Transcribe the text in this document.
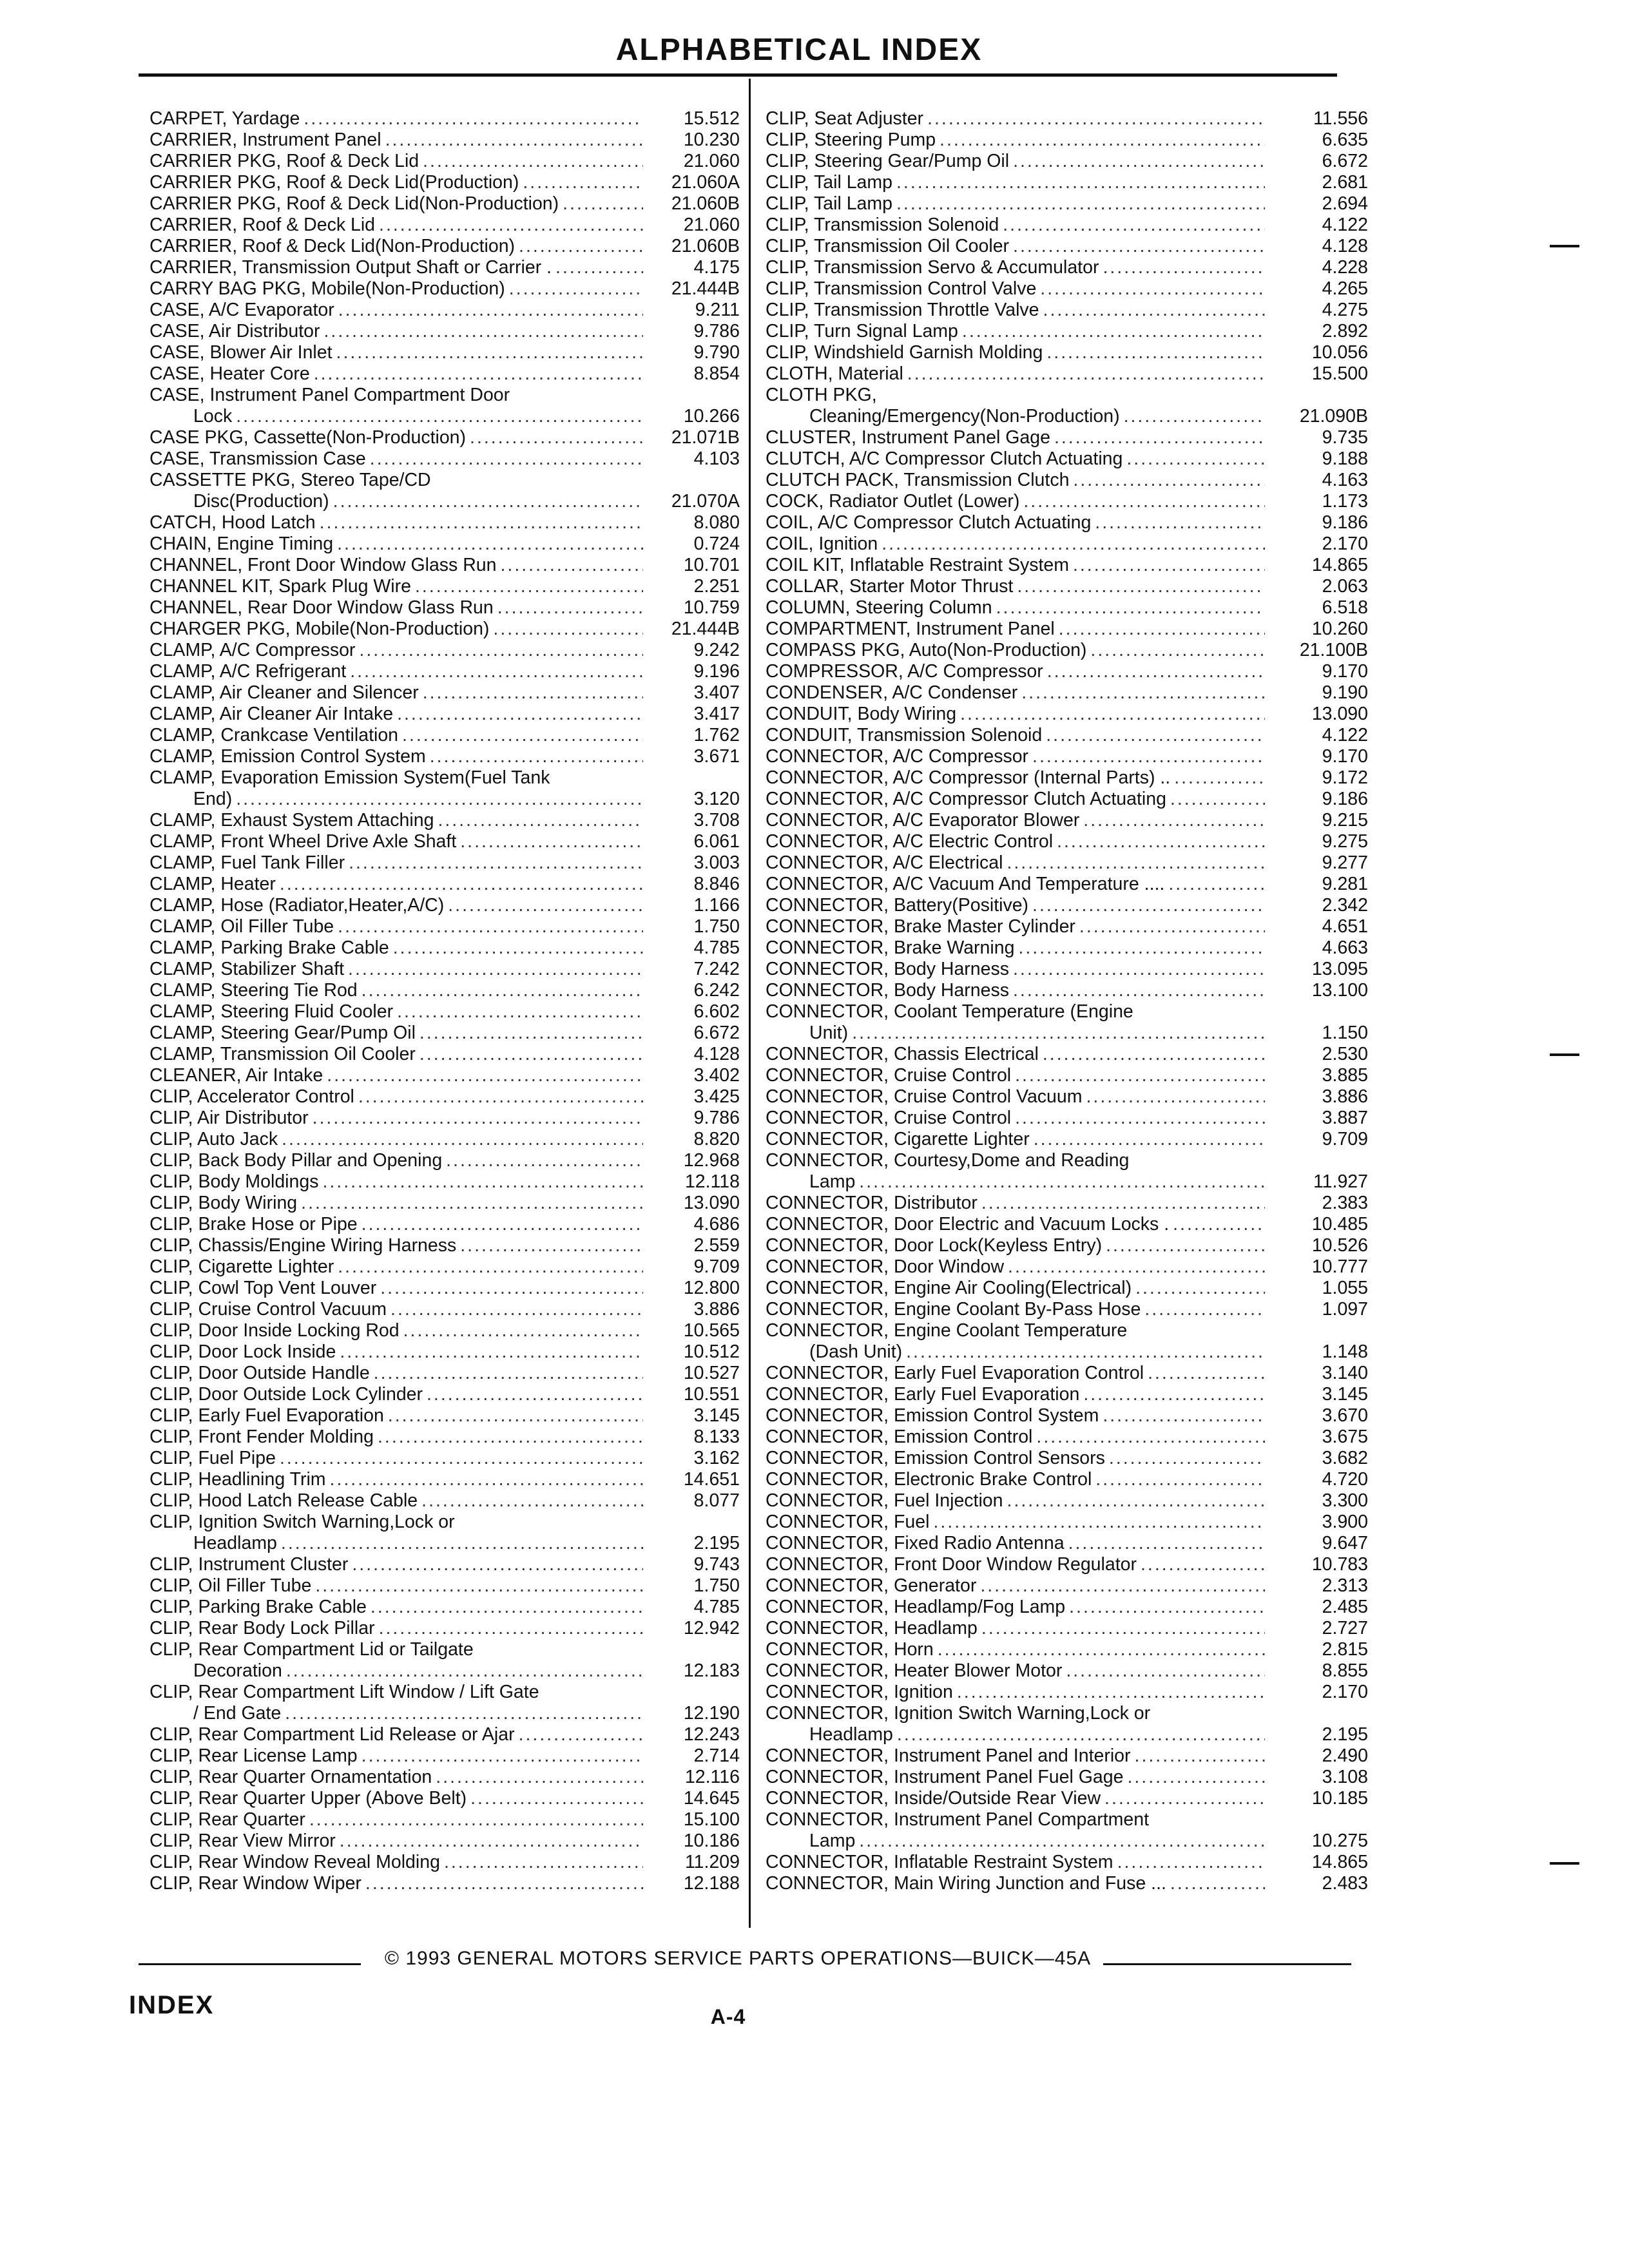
ALPHABETICAL INDEX
CARPET, Yardage .....	15.512
CARRIER, Instrument Panel .....	10.230
CARRIER PKG, Roof & Deck Lid .....	21.060
CARRIER PKG, Roof & Deck Lid(Production) .....	21.060A
CARRIER PKG, Roof & Deck Lid(Non-Production) .....	21.060B
CARRIER, Roof & Deck Lid .....	21.060
CARRIER, Roof & Deck Lid(Non-Production) .....	21.060B
CARRIER, Transmission Output Shaft or Carrier . .....	4.175
CARRY BAG PKG, Mobile(Non-Production) .....	21.444B
CASE, A/C Evaporator .....	9.211
CASE, Air Distributor .....	9.786
CASE, Blower Air Inlet .....	9.790
CASE, Heater Core .....	8.854
CASE, Instrument Panel Compartment Door
Lock .....	10.266
CASE PKG, Cassette(Non-Production) .....	21.071B
CASE, Transmission Case .....	4.103
CASSETTE PKG, Stereo Tape/CD
Disc(Production) .....	21.070A
CATCH, Hood Latch .....	8.080
CHAIN, Engine Timing .....	0.724
CHANNEL, Front Door Window Glass Run .....	10.701
CHANNEL KIT, Spark Plug Wire .....	2.251
CHANNEL, Rear Door Window Glass Run .....	10.759
CHARGER PKG, Mobile(Non-Production) .....	21.444B
CLAMP, A/C Compressor .....	9.242
CLAMP, A/C Refrigerant .....	9.196
CLAMP, Air Cleaner and Silencer .....	3.407
CLAMP, Air Cleaner Air Intake .....	3.417
CLAMP, Crankcase Ventilation .....	1.762
CLAMP, Emission Control System .....	3.671
CLAMP, Evaporation Emission System(Fuel Tank
End) .....	3.120
CLAMP, Exhaust System Attaching .....	3.708
CLAMP, Front Wheel Drive Axle Shaft .....	6.061
CLAMP, Fuel Tank Filler .....	3.003
CLAMP, Heater .....	8.846
CLAMP, Hose (Radiator,Heater,A/C) .....	1.166
CLAMP, Oil Filler Tube .....	1.750
CLAMP, Parking Brake Cable .....	4.785
CLAMP, Stabilizer Shaft .....	7.242
CLAMP, Steering Tie Rod .....	6.242
CLAMP, Steering Fluid Cooler .....	6.602
CLAMP, Steering Gear/Pump Oil .....	6.672
CLAMP, Transmission Oil Cooler .....	4.128
CLEANER, Air Intake .....	3.402
CLIP, Accelerator Control .....	3.425
CLIP, Air Distributor .....	9.786
CLIP, Auto Jack .....	8.820
CLIP, Back Body Pillar and Opening .....	12.968
CLIP, Body Moldings .....	12.118
CLIP, Body Wiring .....	13.090
CLIP, Brake Hose or Pipe .....	4.686
CLIP, Chassis/Engine Wiring Harness .....	2.559
CLIP, Cigarette Lighter .....	9.709
CLIP, Cowl Top Vent Louver .....	12.800
CLIP, Cruise Control Vacuum .....	3.886
CLIP, Door Inside Locking Rod .....	10.565
CLIP, Door Lock Inside .....	10.512
CLIP, Door Outside Handle .....	10.527
CLIP, Door Outside Lock Cylinder .....	10.551
CLIP, Early Fuel Evaporation .....	3.145
CLIP, Front Fender Molding .....	8.133
CLIP, Fuel Pipe .....	3.162
CLIP, Headlining Trim .....	14.651
CLIP, Hood Latch Release Cable .....	8.077
CLIP, Ignition Switch Warning,Lock or
Headlamp .....	2.195
CLIP, Instrument Cluster .....	9.743
CLIP, Oil Filler Tube .....	1.750
CLIP, Parking Brake Cable .....	4.785
CLIP, Rear Body Lock Pillar .....	12.942
CLIP, Rear Compartment Lid or Tailgate
Decoration .....	12.183
CLIP, Rear Compartment Lift Window / Lift Gate
/ End Gate .....	12.190
CLIP, Rear Compartment Lid Release or Ajar .....	12.243
CLIP, Rear License Lamp .....	2.714
CLIP, Rear Quarter Ornamentation .....	12.116
CLIP, Rear Quarter Upper (Above Belt) .....	14.645
CLIP, Rear Quarter .....	15.100
CLIP, Rear View Mirror .....	10.186
CLIP, Rear Window Reveal Molding .....	11.209
CLIP, Rear Window Wiper .....	12.188
CLIP, Seat Adjuster .....	11.556
CLIP, Steering Pump .....	6.635
CLIP, Steering Gear/Pump Oil .....	6.672
CLIP, Tail Lamp .....	2.681
CLIP, Tail Lamp .....	2.694
CLIP, Transmission Solenoid .....	4.122
CLIP, Transmission Oil Cooler .....	4.128
CLIP, Transmission Servo & Accumulator .....	4.228
CLIP, Transmission Control Valve .....	4.265
CLIP, Transmission Throttle Valve .....	4.275
CLIP, Turn Signal Lamp .....	2.892
CLIP, Windshield Garnish Molding .....	10.056
CLOTH, Material .....	15.500
CLOTH PKG,
Cleaning/Emergency(Non-Production) .....	21.090B
CLUSTER, Instrument Panel Gage .....	9.735
CLUTCH, A/C Compressor Clutch Actuating .....	9.188
CLUTCH PACK, Transmission Clutch .....	4.163
COCK, Radiator Outlet (Lower) .....	1.173
COIL, A/C Compressor Clutch Actuating .....	9.186
COIL, Ignition .....	2.170
COIL KIT, Inflatable Restraint System .....	14.865
COLLAR, Starter Motor Thrust .....	2.063
COLUMN, Steering Column .....	6.518
COMPARTMENT, Instrument Panel .....	10.260
COMPASS PKG, Auto(Non-Production) .....	21.100B
COMPRESSOR, A/C Compressor .....	9.170
CONDENSER, A/C Condenser .....	9.190
CONDUIT, Body Wiring .....	13.090
CONDUIT, Transmission Solenoid .....	4.122
CONNECTOR, A/C Compressor .....	9.170
CONNECTOR, A/C Compressor (Internal Parts) .. .....	9.172
CONNECTOR, A/C Compressor Clutch Actuating .....	9.186
CONNECTOR, A/C Evaporator Blower .....	9.215
CONNECTOR, A/C Electric Control .....	9.275
CONNECTOR, A/C Electrical .....	9.277
CONNECTOR, A/C Vacuum And Temperature .... .....	9.281
CONNECTOR, Battery(Positive) .....	2.342
CONNECTOR, Brake Master Cylinder .....	4.651
CONNECTOR, Brake Warning .....	4.663
CONNECTOR, Body Harness .....	13.095
CONNECTOR, Body Harness .....	13.100
CONNECTOR, Coolant Temperature (Engine
Unit) .....	1.150
CONNECTOR, Chassis Electrical .....	2.530
CONNECTOR, Cruise Control .....	3.885
CONNECTOR, Cruise Control Vacuum .....	3.886
CONNECTOR, Cruise Control .....	3.887
CONNECTOR, Cigarette Lighter .....	9.709
CONNECTOR, Courtesy,Dome and Reading
Lamp .....	11.927
CONNECTOR, Distributor .....	2.383
CONNECTOR, Door Electric and Vacuum Locks . .....	10.485
CONNECTOR, Door Lock(Keyless Entry) .....	10.526
CONNECTOR, Door Window .....	10.777
CONNECTOR, Engine Air Cooling(Electrical) .....	1.055
CONNECTOR, Engine Coolant By-Pass Hose .....	1.097
CONNECTOR, Engine Coolant Temperature
(Dash Unit) .....	1.148
CONNECTOR, Early Fuel Evaporation Control .....	3.140
CONNECTOR, Early Fuel Evaporation .....	3.145
CONNECTOR, Emission Control System .....	3.670
CONNECTOR, Emission Control .....	3.675
CONNECTOR, Emission Control Sensors .....	3.682
CONNECTOR, Electronic Brake Control .....	4.720
CONNECTOR, Fuel Injection .....	3.300
CONNECTOR, Fuel .....	3.900
CONNECTOR, Fixed Radio Antenna .....	9.647
CONNECTOR, Front Door Window Regulator .....	10.783
CONNECTOR, Generator .....	2.313
CONNECTOR, Headlamp/Fog Lamp .....	2.485
CONNECTOR, Headlamp .....	2.727
CONNECTOR, Horn .....	2.815
CONNECTOR, Heater Blower Motor .....	8.855
CONNECTOR, Ignition .....	2.170
CONNECTOR, Ignition Switch Warning,Lock or
Headlamp .....	2.195
CONNECTOR, Instrument Panel and Interior .....	2.490
CONNECTOR, Instrument Panel Fuel Gage .....	3.108
CONNECTOR, Inside/Outside Rear View .....	10.185
CONNECTOR, Instrument Panel Compartment
Lamp .....	10.275
CONNECTOR, Inflatable Restraint System .....	14.865
CONNECTOR, Main Wiring Junction and Fuse ... .....	2.483
© 1993 GENERAL MOTORS SERVICE PARTS OPERATIONS—BUICK—45A
INDEX	A-4
